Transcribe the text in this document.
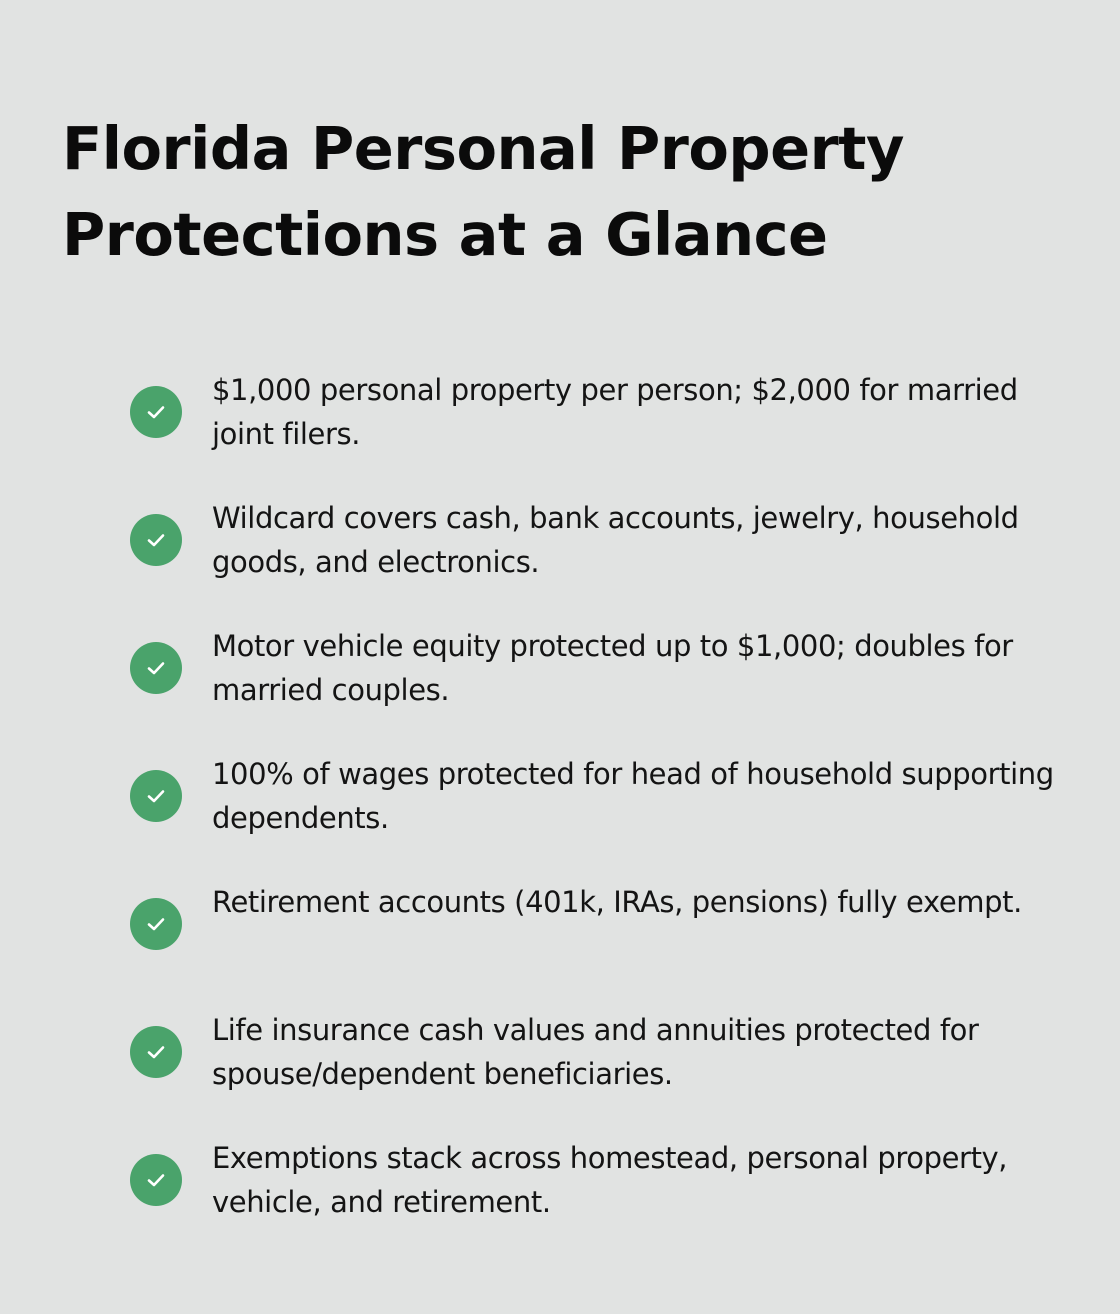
Florida Personal Property Protections at a Glance
$1,000 personal property per person; $2,000 for married joint filers.
Wildcard covers cash, bank accounts, jewelry, household goods, and electronics.
Motor vehicle equity protected up to $1,000; doubles for married couples.
100% of wages protected for head of household supporting dependents.
Retirement accounts (401k, IRAs, pensions) fully exempt.
Life insurance cash values and annuities protected for spouse/dependent beneficiaries.
Exemptions stack across homestead, personal property, vehicle, and retirement.
